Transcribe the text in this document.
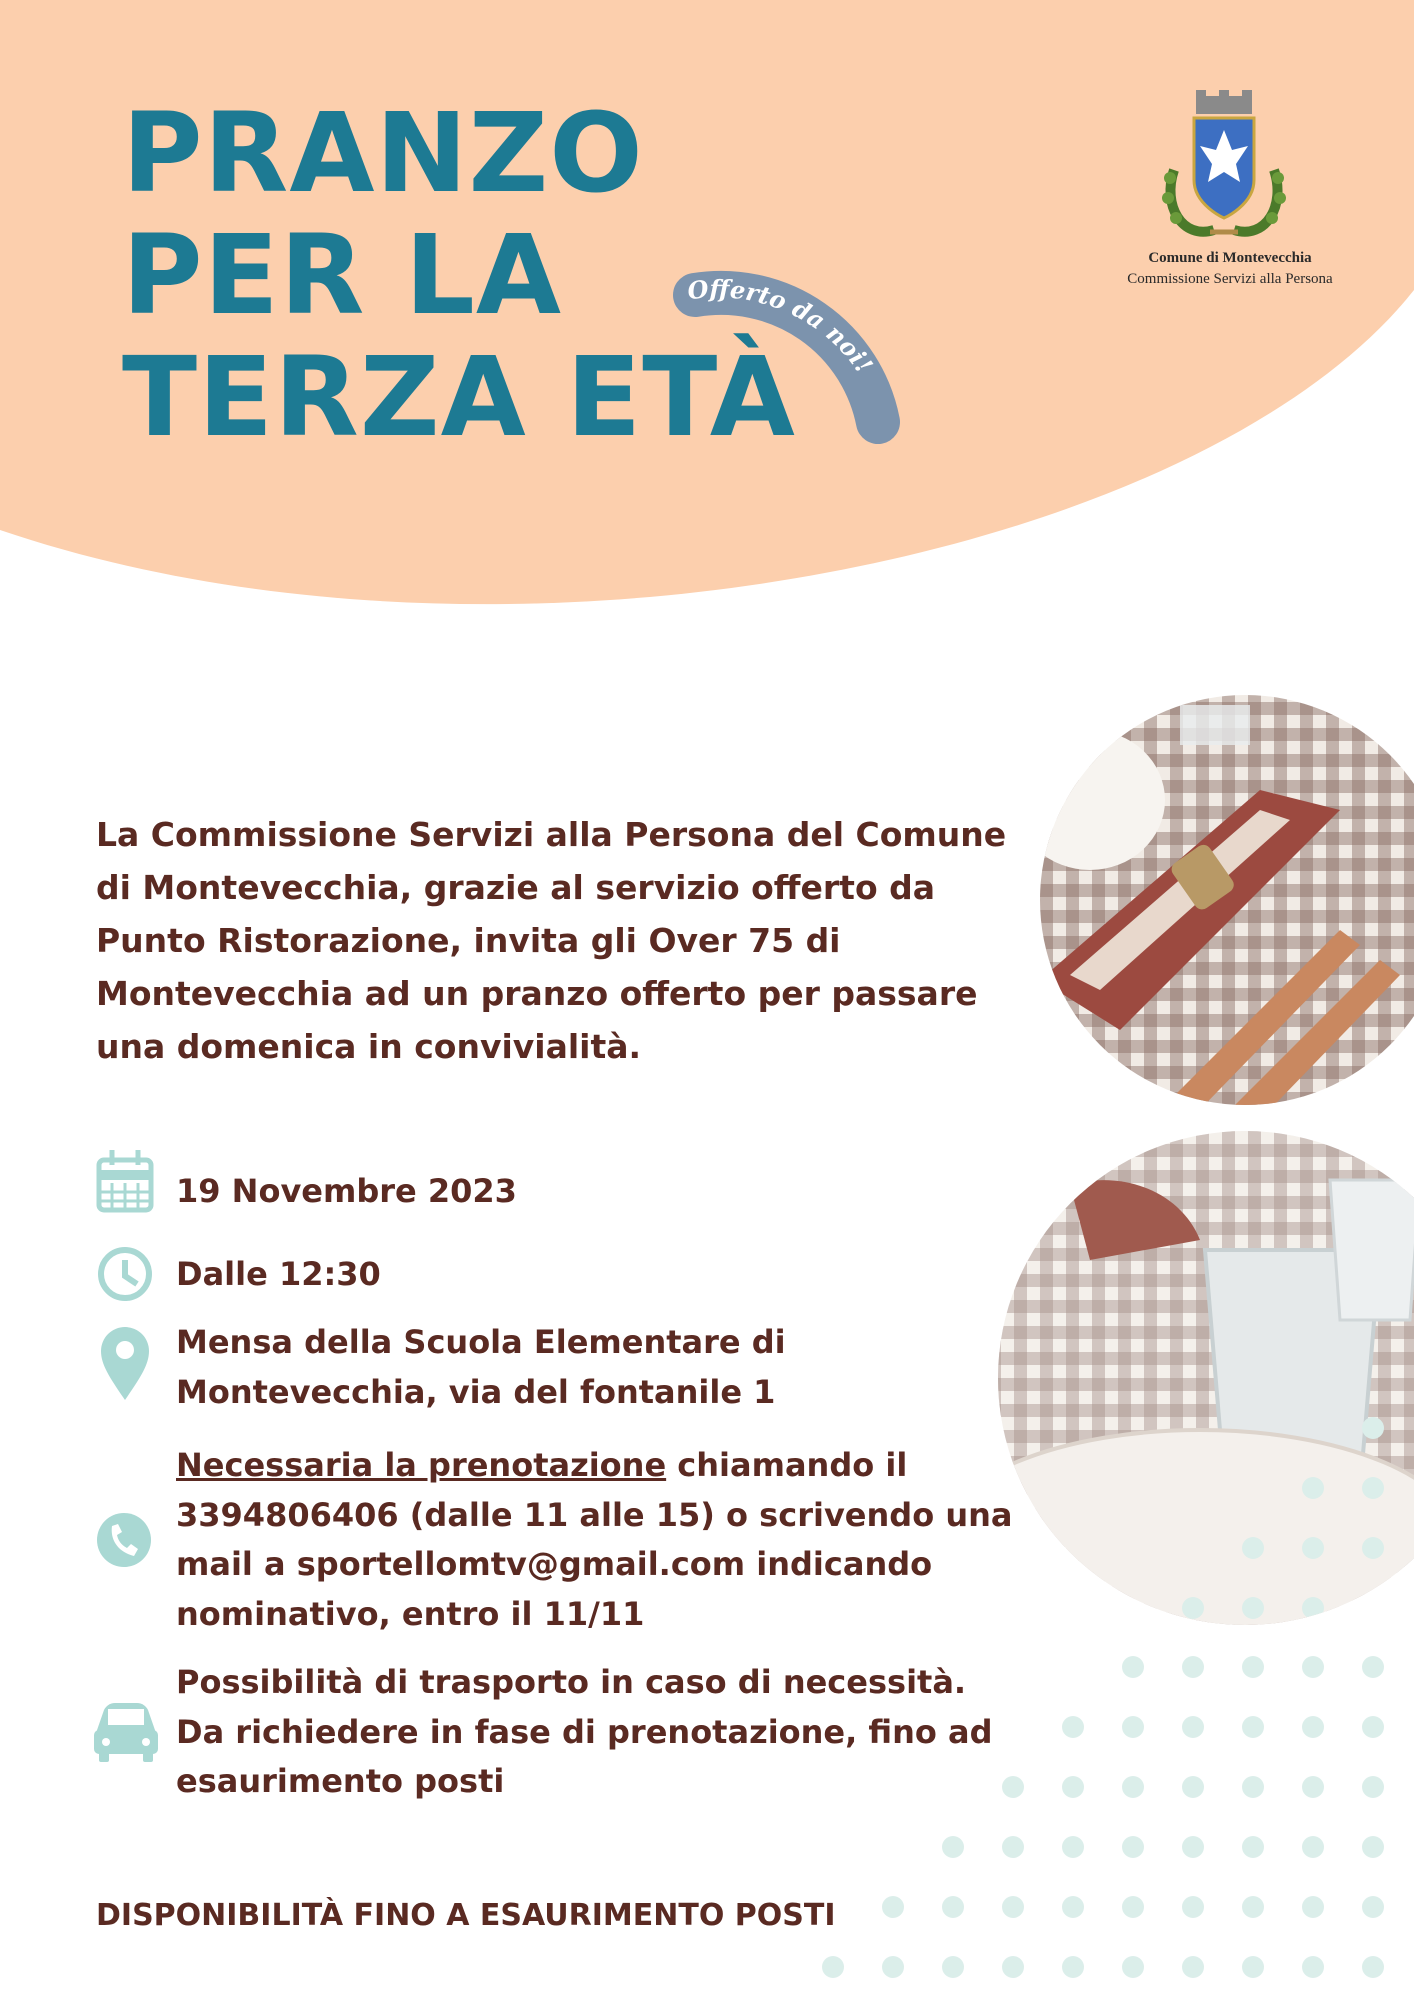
Offerto da noi!
PRANZO
PER LA
TERZA ETÀ
Comune di Montevecchia
Commissione Servizi alla Persona

La Commissione Servizi alla Persona del Comune di Montevecchia, grazie al servizio offerto da Punto Ristorazione, invita gli Over 75 di Montevecchia ad un pranzo offerto per passare una domenica in convivialità.

19 Novembre 2023

Dalle 12:30

Mensa della Scuola Elementare di Montevecchia, via del fontanile 1

Necessaria la prenotazione chiamando il 3394806406 (dalle 11 alle 15) o scrivendo una mail a sportellomtv@gmail.com indicando nominativo, entro il 11/11

Possibilità di trasporto in caso di necessità. Da richiedere in fase di prenotazione, fino ad esaurimento posti

DISPONIBILITÀ FINO A ESAURIMENTO POSTI
